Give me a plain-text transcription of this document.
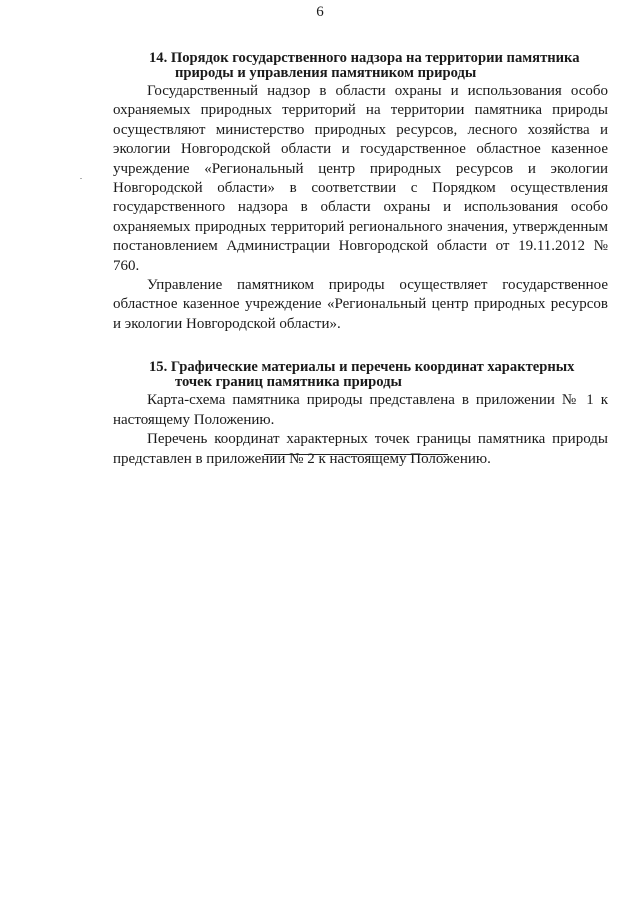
6
14. Порядок государственного надзора на территории памятника природы и управления памятником природы

Государственный надзор в области охраны и использования особо охраняемых природных территорий на территории памятника природы осуществляют министерство природных ресурсов, лесного хозяйства и экологии Новгородской области и государственное областное казенное учреждение «Региональный центр природных ресурсов и экологии Новгородской области» в соответствии с Порядком осуществления государственного надзора в области охраны и использования особо охраняемых природных территорий регионального значения, утвержденным постановлением Администрации Новгородской области от 19.11.2012 № 760.

Управление памятником природы осуществляет государственное областное казенное учреждение «Региональный центр природных ресурсов и экологии Новгородской области».

15. Графические материалы и перечень координат характерных точек границ памятника природы

Карта-схема памятника природы представлена в приложении № 1 к настоящему Положению.

Перечень координат характерных точек границы памятника природы представлен в приложении № 2 к настоящему Положению.
